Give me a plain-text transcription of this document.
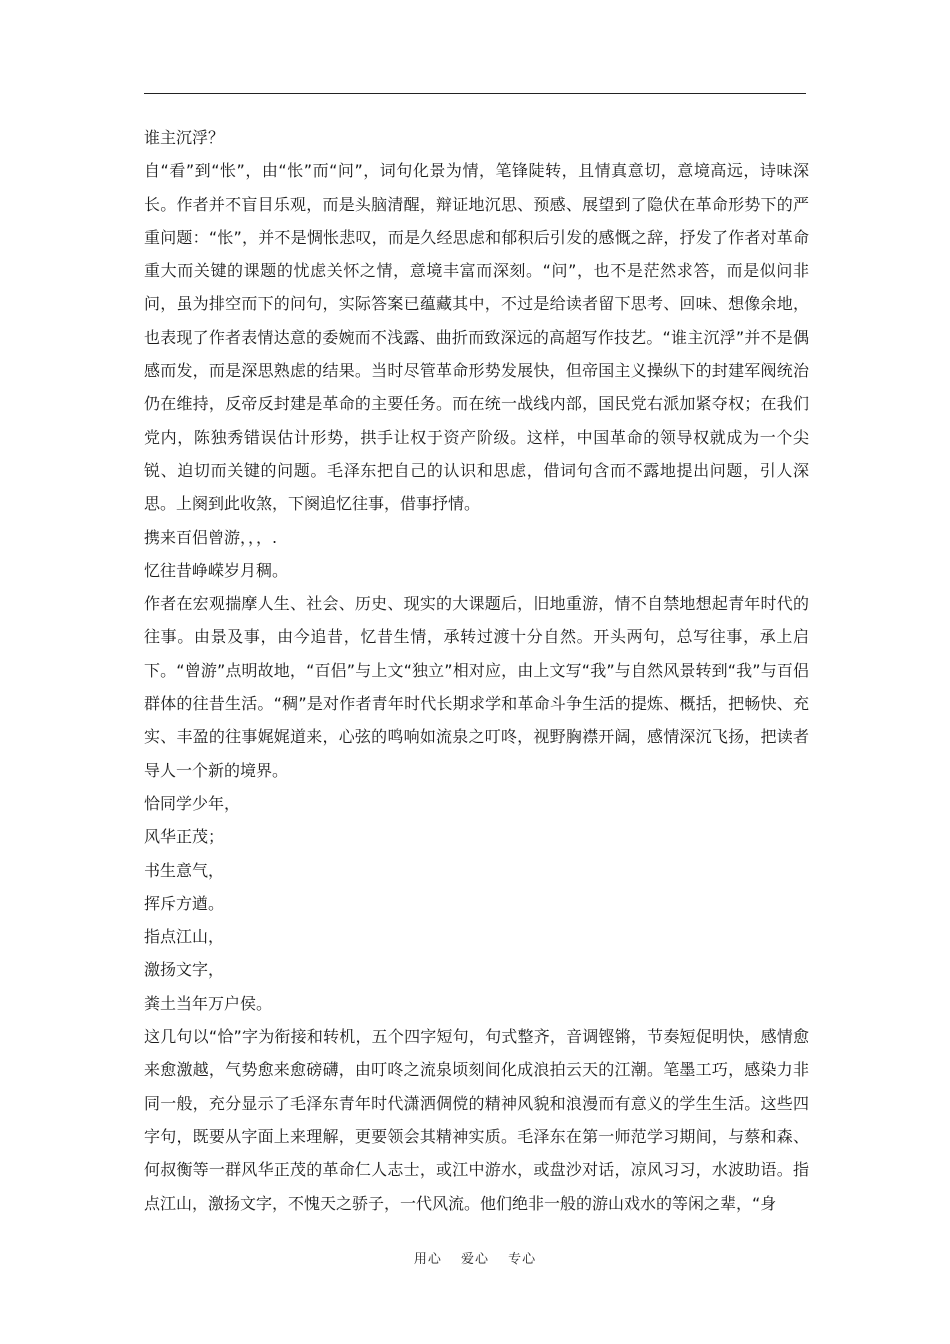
谁主沉浮？

自“看”到“怅”，由“怅”而“问”，词句化景为情，笔锋陡转，且情真意切，意境高远，诗味深长。作者并不盲目乐观，而是头脑清醒，辩证地沉思、预感、展望到了隐伏在革命形势下的严重问题：“怅”，并不是惆怅悲叹，而是久经思虑和郁积后引发的感慨之辞，抒发了作者对革命重大而关键的课题的忧虑关怀之情，意境丰富而深刻。“问”，也不是茫然求答，而是似问非问，虽为排空而下的问句，实际答案已蕴藏其中，不过是给读者留下思考、回味、想像余地，也表现了作者表情达意的委婉而不浅露、曲折而致深远的高超写作技艺。“谁主沉浮”并不是偶感而发，而是深思熟虑的结果。当时尽管革命形势发展快，但帝国主义操纵下的封建军阀统治仍在维持，反帝反封建是革命的主要任务。而在统一战线内部，国民党右派加紧夺权；在我们党内，陈独秀错误估计形势，拱手让权于资产阶级。这样，中国革命的领导权就成为一个尖锐、迫切而关键的问题。毛泽东把自己的认识和思虑，借词句含而不露地提出问题，引人深思。上阕到此收煞，下阕追忆往事，借事抒情。

携来百侣曾游，，，.

忆往昔峥嵘岁月稠。

作者在宏观揣摩人生、社会、历史、现实的大课题后，旧地重游，情不自禁地想起青年时代的往事。由景及事，由今追昔，忆昔生情，承转过渡十分自然。开头两句，总写往事，承上启下。“曾游”点明故地，“百侣”与上文“独立”相对应，由上文写“我”与自然风景转到“我”与百侣群体的往昔生活。“稠”是对作者青年时代长期求学和革命斗争生活的提炼、概括，把畅快、充实、丰盈的往事娓娓道来，心弦的鸣响如流泉之叮咚，视野胸襟开阔，感情深沉飞扬，把读者导人一个新的境界。

恰同学少年，

风华正茂；

书生意气，

挥斥方遒。

指点江山，

激扬文字，

粪土当年万户侯。

这几句以“恰”字为衔接和转机，五个四字短句，句式整齐，音调铿锵，节奏短促明快，感情愈来愈激越，气势愈来愈磅礴，由叮咚之流泉顷刻间化成浪拍云天的江潮。笔墨工巧，感染力非同一般，充分显示了毛泽东青年时代潇洒倜傥的精神风貌和浪漫而有意义的学生生活。这些四字句，既要从字面上来理解，更要领会其精神实质。毛泽东在第一师范学习期间，与蔡和森、何叔衡等一群风华正茂的革命仁人志士，或江中游水，或盘沙对话，凉风习习，水波助语。指点江山，激扬文字，不愧天之骄子，一代风流。他们绝非一般的游山戏水的等闲之辈，“身

用心　 爱心　 专心
